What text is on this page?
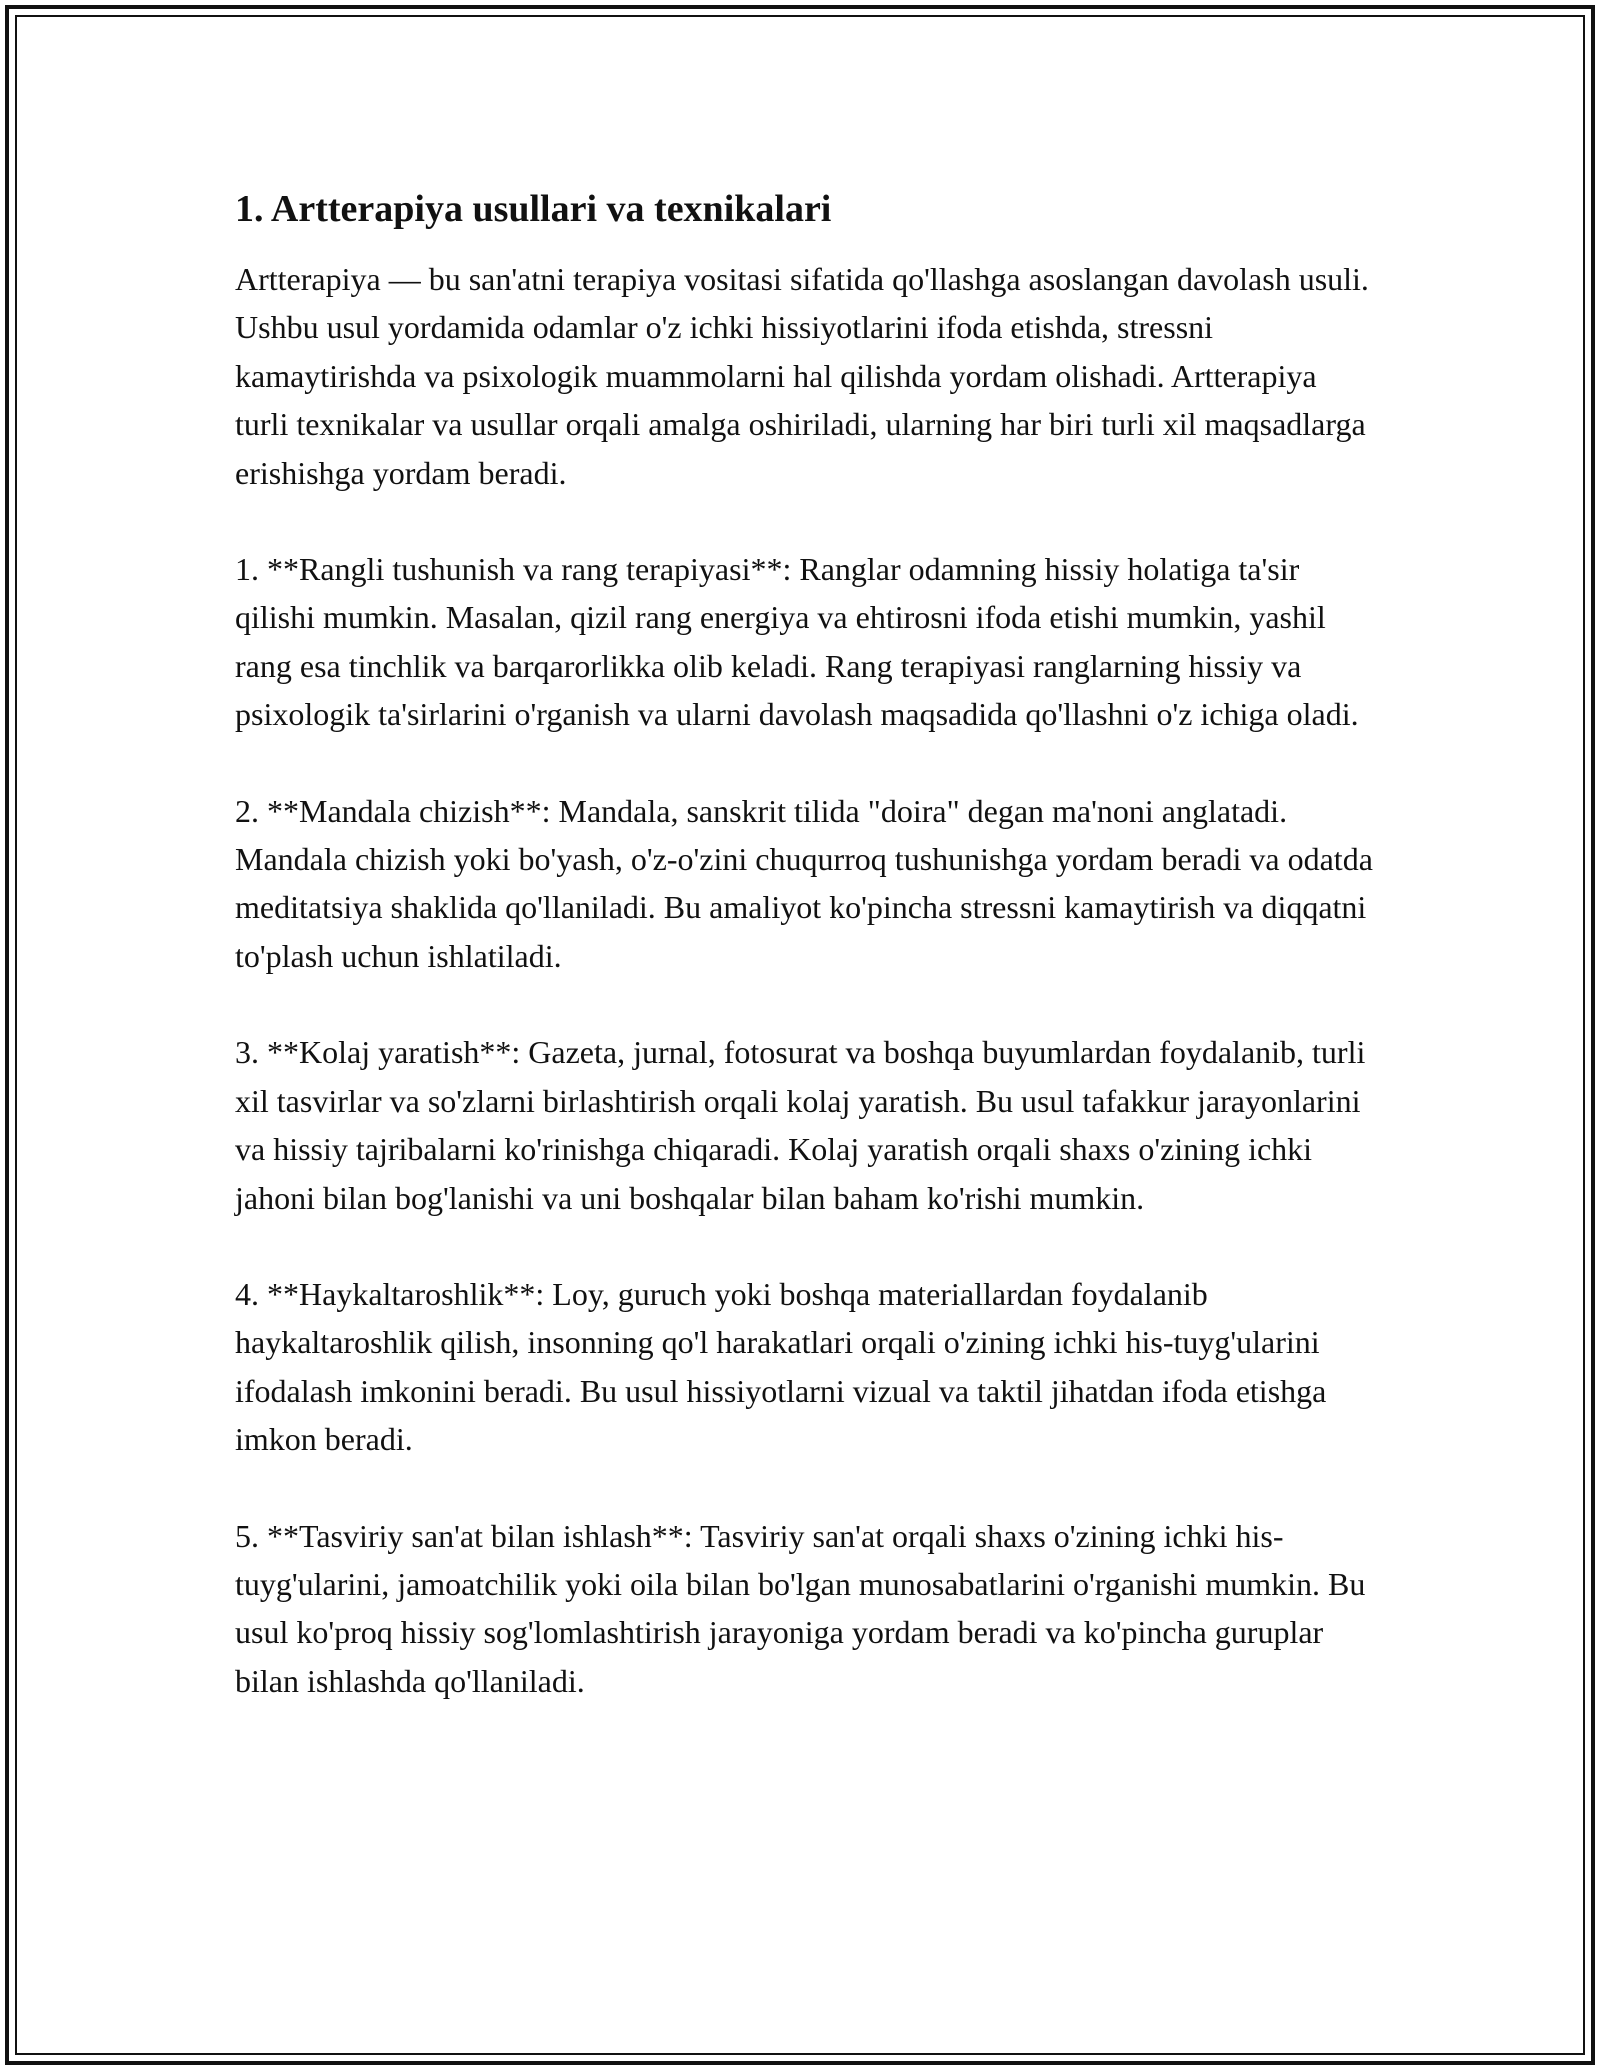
1. Artterapiya usullari va texnikalari

Artterapiya — bu san'atni terapiya vositasi sifatida qo'llashga asoslangan davolash usuli. Ushbu usul yordamida odamlar o'z ichki hissiyotlarini ifoda etishda, stressni kamaytirishda va psixologik muammolarni hal qilishda yordam olishadi. Artterapiya turli texnikalar va usullar orqali amalga oshiriladi, ularning har biri turli xil maqsadlarga erishishga yordam beradi.

1. **Rangli tushunish va rang terapiyasi**: Ranglar odamning hissiy holatiga ta'sir qilishi mumkin. Masalan, qizil rang energiya va ehtirosni ifoda etishi mumkin, yashil rang esa tinchlik va barqarorlikka olib keladi. Rang terapiyasi ranglarning hissiy va psixologik ta'sirlarini o'rganish va ularni davolash maqsadida qo'llashni o'z ichiga oladi.

2. **Mandala chizish**: Mandala, sanskrit tilida "doira" degan ma'noni anglatadi. Mandala chizish yoki bo'yash, o'z-o'zini chuqurroq tushunishga yordam beradi va odatda meditatsiya shaklida qo'llaniladi. Bu amaliyot ko'pincha stressni kamaytirish va diqqatni to'plash uchun ishlatiladi.

3. **Kolaj yaratish**: Gazeta, jurnal, fotosurat va boshqa buyumlardan foydalanib, turli xil tasvirlar va so'zlarni birlashtirish orqali kolaj yaratish. Bu usul tafakkur jarayonlarini va hissiy tajribalarni ko'rinishga chiqaradi. Kolaj yaratish orqali shaxs o'zining ichki jahoni bilan bog'lanishi va uni boshqalar bilan baham ko'rishi mumkin.

4. **Haykaltaroshlik**: Loy, guruch yoki boshqa materiallardan foydalanib haykaltaroshlik qilish, insonning qo'l harakatlari orqali o'zining ichki his-tuyg'ularini ifodalash imkonini beradi. Bu usul hissiyotlarni vizual va taktil jihatdan ifoda etishga imkon beradi.

5. **Tasviriy san'at bilan ishlash**: Tasviriy san'at orqali shaxs o'zining ichki his-tuyg'ularini, jamoatchilik yoki oila bilan bo'lgan munosabatlarini o'rganishi mumkin. Bu usul ko'proq hissiy sog'lomlashtirish jarayoniga yordam beradi va ko'pincha guruplar bilan ishlashda qo'llaniladi.
